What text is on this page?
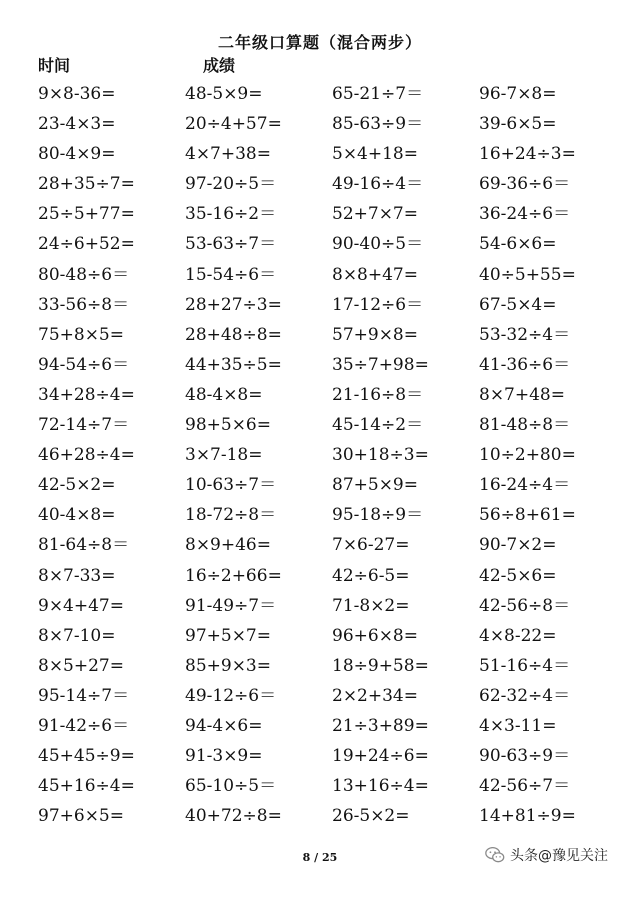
二年级口算题（混合两步）
时间	成绩
9×8-36=	48-5×9=	65-21÷7＝	96-7×8=
23-4×3=	20÷4+57=	85-63÷9＝	39-6×5=
80-4×9=	4×7+38=	5×4+18=	16+24÷3=
28+35÷7=	97-20÷5＝	49-16÷4＝	69-36÷6＝
25÷5+77=	35-16÷2＝	52+7×7=	36-24÷6＝
24÷6+52=	53-63÷7＝	90-40÷5＝	54-6×6=
80-48÷6＝	15-54÷6＝	8×8+47=	40÷5+55=
33-56÷8＝	28+27÷3=	17-12÷6＝	67-5×4=
75+8×5=	28+48÷8=	57+9×8=	53-32÷4＝
94-54÷6＝	44+35÷5=	35÷7+98=	41-36÷6＝
34+28÷4=	48-4×8=	21-16÷8＝	8×7+48=
72-14÷7＝	98+5×6=	45-14÷2＝	81-48÷8＝
46+28÷4=	3×7-18=	30+18÷3=	10÷2+80=
42-5×2=	10-63÷7＝	87+5×9=	16-24÷4＝
40-4×8=	18-72÷8＝	95-18÷9＝	56÷8+61=
81-64÷8＝	8×9+46=	7×6-27=	90-7×2=
8×7-33=	16÷2+66=	42÷6-5=	42-5×6=
9×4+47=	91-49÷7＝	71-8×2=	42-56÷8＝
8×7-10=	97+5×7=	96+6×8=	4×8-22=
8×5+27=	85+9×3=	18÷9+58=	51-16÷4＝
95-14÷7＝	49-12÷6＝	2×2+34=	62-32÷4＝
91-42÷6＝	94-4×6=	21÷3+89=	4×3-11=
45+45÷9=	91-3×9=	19+24÷6=	90-63÷9＝
45+16÷4=	65-10÷5＝	13+16÷4=	42-56÷7＝
97+6×5=	40+72÷8=	26-5×2=	14+81÷9=
8 / 25	头条@豫见关注
